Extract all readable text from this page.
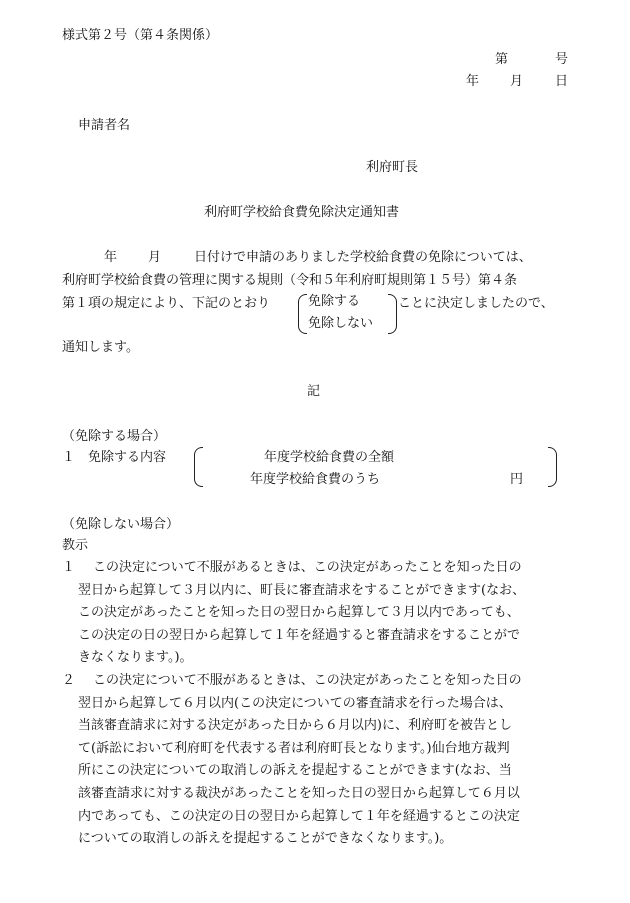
様式第２号（第４条関係）
第	号
年 月 日
申請者名
利府町長
利府町学校給食費免除決定通知書
年 月	日付けで申請のありました学校給食費の免除については、
利府町学校給食費の管理に関する規則（令和５年利府町規則第１５号）第４条
第１項の規定により、下記のとおり	免除する
免除しない
ことに決定しましたので、
通知します。
記
（免除する場合）
１　免除する内容	年度学校給食費の全額
年度学校給食費のうち	円
（免除しない場合）
教示
１ この決定について不服があるときは、この決定があったことを知った日の
翌日から起算して３月以内に、町長に審査請求をすることができます(なお、
この決定があったことを知った日の翌日から起算して３月以内であっても、
この決定の日の翌日から起算して１年を経過すると審査請求をすることがで
きなくなります。)。
２ この決定について不服があるときは、この決定があったことを知った日の
翌日から起算して６月以内(この決定についての審査請求を行った場合は、
当該審査請求に対する決定があった日から６月以内)に、利府町を被告とし
て(訴訟において利府町を代表する者は利府町長となります。)仙台地方裁判
所にこの決定についての取消しの訴えを提起することができます(なお、当
該審査請求に対する裁決があったことを知った日の翌日から起算して６月以
内であっても、この決定の日の翌日から起算して１年を経過するとこの決定
についての取消しの訴えを提起することができなくなります。)。
